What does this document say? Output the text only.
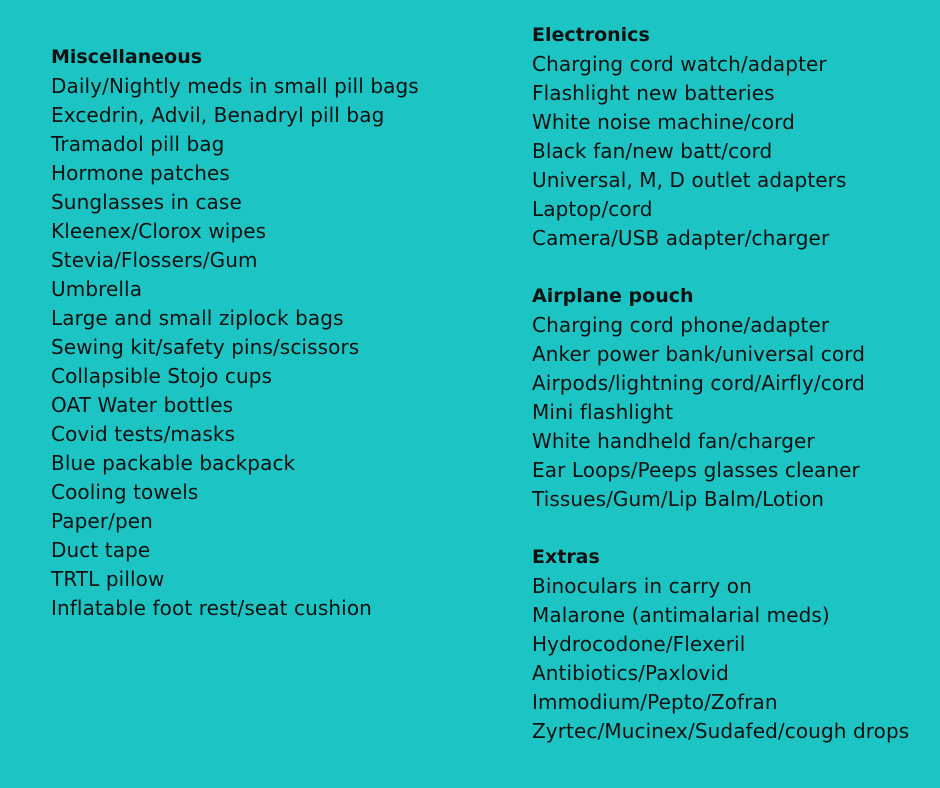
Miscellaneous
Daily/Nightly meds in small pill bags
Excedrin, Advil, Benadryl pill bag
Tramadol pill bag
Hormone patches
Sunglasses in case
Kleenex/Clorox wipes
Stevia/Flossers/Gum
Umbrella
Large and small ziplock bags
Sewing kit/safety pins/scissors
Collapsible Stojo cups
OAT Water bottles
Covid tests/masks
Blue packable backpack
Cooling towels
Paper/pen
Duct tape
TRTL pillow
Inflatable foot rest/seat cushion
Electronics
Charging cord watch/adapter
Flashlight new batteries
White noise machine/cord
Black fan/new batt/cord
Universal, M, D outlet adapters
Laptop/cord
Camera/USB adapter/charger
Airplane pouch
Charging cord phone/adapter
Anker power bank/universal cord
Airpods/lightning cord/Airfly/cord
Mini flashlight
White handheld fan/charger
Ear Loops/Peeps glasses cleaner
Tissues/Gum/Lip Balm/Lotion
Extras
Binoculars in carry on
Malarone (antimalarial meds)
Hydrocodone/Flexeril
Antibiotics/Paxlovid
Immodium/Pepto/Zofran
Zyrtec/Mucinex/Sudafed/cough drops
